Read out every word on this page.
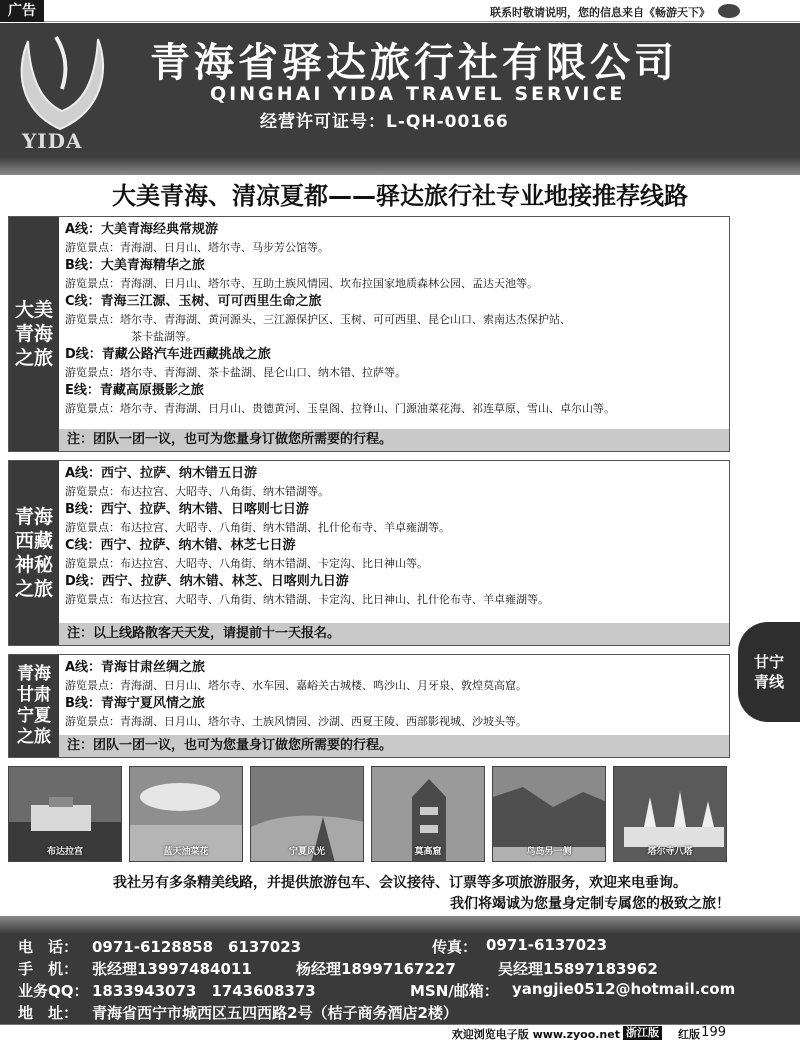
广告	联系时敬请说明，您的信息来自《畅游天下》
YIDA
青海省驿达旅行社有限公司
QINGHAI YIDA TRAVEL SERVICE
经营许可证号：L-QH-00166
大美青海、清凉夏都——驿达旅行社专业地接推荐线路
大美
青海
之旅
A线：大美青海经典常规游
游览景点：青海湖、日月山、塔尔寺、马步芳公馆等。
B线：大美青海精华之旅
游览景点：青海湖、日月山、塔尔寺、互助土族风情园、坎布拉国家地质森林公园、孟达天池等。
C线：青海三江源、玉树、可可西里生命之旅
游览景点：塔尔寺、青海湖、黄河源头、三江源保护区、玉树、可可西里、昆仑山口、索南达杰保护站、
茶卡盐湖等。
D线：青藏公路汽车进西藏挑战之旅
游览景点：塔尔寺、青海湖、茶卡盐湖、昆仑山口、纳木错、拉萨等。
E线：青藏高原摄影之旅
游览景点：塔尔寺、青海湖、日月山、贵德黄河、玉皇阁、拉脊山、门源油菜花海、祁连草原、雪山、卓尔山等。
注：团队一团一议，也可为您量身订做您所需要的行程。
青海
西藏
神秘
之旅
A线：西宁、拉萨、纳木错五日游
游览景点：布达拉宫、大昭寺、八角街、纳木错湖等。
B线：西宁、拉萨、纳木错、日喀则七日游
游览景点：布达拉宫、大昭寺、八角街、纳木错湖、扎什伦布寺、羊卓雍湖等。
C线：西宁、拉萨、纳木错、林芝七日游
游览景点：布达拉宫、大昭寺、八角街、纳木错湖、卡定沟、比日神山等。
D线：西宁、拉萨、纳木错、林芝、日喀则九日游
游览景点：布达拉宫、大昭寺、八角街、纳木错湖、卡定沟、比日神山、扎什伦布寺、羊卓雍湖等。
注：以上线路散客天天发，请提前十一天报名。
青海
甘肃
宁夏
之旅
A线：青海甘肃丝绸之旅
游览景点：青海湖、日月山、塔尔寺、水车园、嘉峪关古城楼、鸣沙山、月牙泉、敦煌莫高窟。
B线：青海宁夏风情之旅
游览景点：青海湖、日月山、塔尔寺、土族风情园、沙湖、西夏王陵、西部影视城、沙坡头等。
注：团队一团一议，也可为您量身订做您所需要的行程。
甘宁
青线
布达拉宫	蓝天油菜花	宁夏风光	莫高窟	鸟岛另一侧	塔尔寺八塔
我社另有多条精美线路，并提供旅游包车、会议接待、订票等多项旅游服务，欢迎来电垂询。
我们将竭诚为您量身定制专属您的极致之旅！
电　话： 0971-6128858　6137023	传真： 0971-6137023
手　机： 张经理13997484011	杨经理18997167227	吴经理15897183962
业务QQ： 1833943073　1743608373	MSN/邮箱： yangjie0512@hotmail.com
地　址： 青海省西宁市城西区五四西路2号（桔子商务酒店2楼）
欢迎浏览电子版 www.zyoo.net 浙江版 红版 199
